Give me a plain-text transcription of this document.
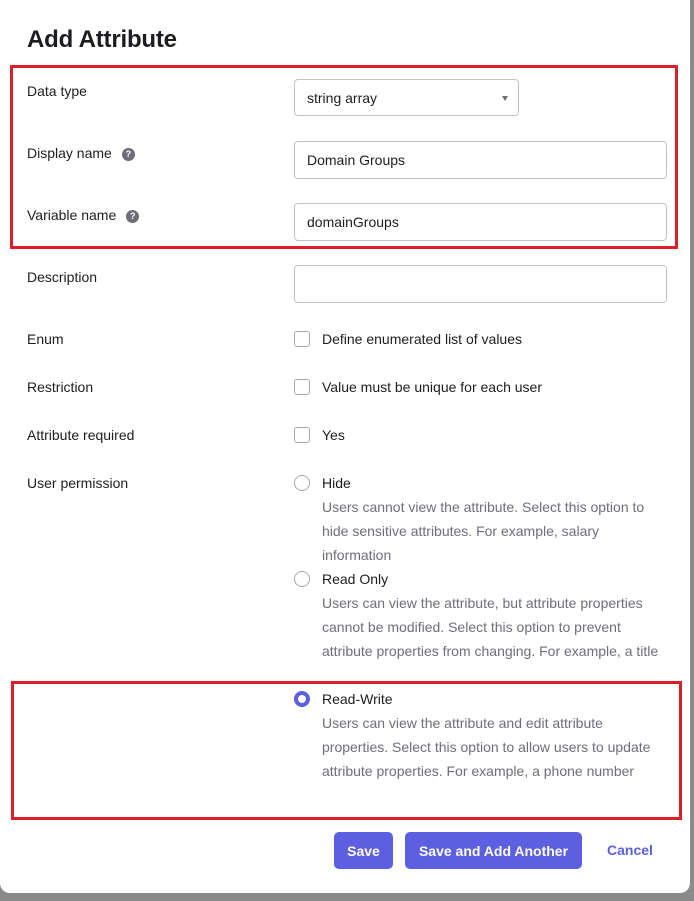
Add Attribute
Data type	string array
Display name ?	Domain Groups
Variable name ?	domainGroups
Description
Enum	Define enumerated list of values
Restriction	Value must be unique for each user
Attribute required	Yes
User permission	Hide
Users cannot view the attribute. Select this option to hide sensitive attributes. For example, salary information
Read Only
Users can view the attribute, but attribute properties cannot be modified. Select this option to prevent attribute properties from changing. For example, a title
Read-Write
Users can view the attribute and edit attribute properties. Select this option to allow users to update attribute properties. For example, a phone number
Save	Save and Add Another	Cancel
